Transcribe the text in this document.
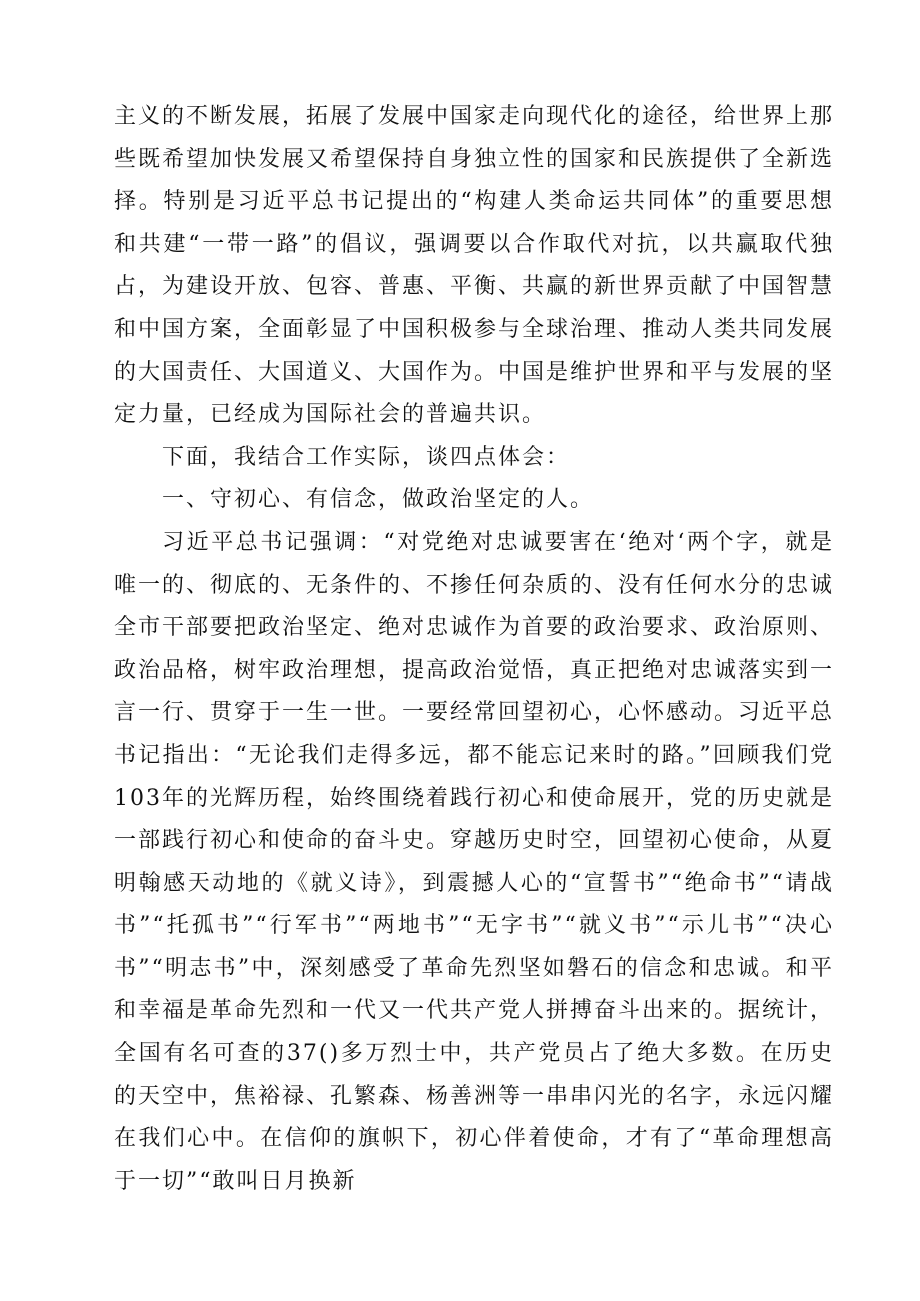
主义的不断发展，拓展了发展中国家走向现代化的途径，给世界上那些既希望加快发展又希望保持自身独立性的国家和民族提供了全新选择。特别是习近平总书记提出的“构建人类命运共同体”的重要思想和共建“一带一路”的倡议，强调要以合作取代对抗，以共赢取代独占，为建设开放、包容、普惠、平衡、共赢的新世界贡献了中国智慧和中国方案，全面彰显了中国积极参与全球治理、推动人类共同发展的大国责任、大国道义、大国作为。中国是维护世界和平与发展的坚定力量，已经成为国际社会的普遍共识。

下面，我结合工作实际，谈四点体会：

一、守初心、有信念，做政治坚定的人。

习近平总书记强调：“对党绝对忠诚要害在‘绝对‘两个字，就是唯一的、彻底的、无条件的、不掺任何杂质的、没有任何水分的忠诚全市干部要把政治坚定、绝对忠诚作为首要的政治要求、政治原则、政治品格，树牢政治理想，提高政治觉悟，真正把绝对忠诚落实到一言一行、贯穿于一生一世。一要经常回望初心，心怀感动。习近平总书记指出：“无论我们走得多远，都不能忘记来时的路。”回顾我们党103年的光辉历程，始终围绕着践行初心和使命展开，党的历史就是一部践行初心和使命的奋斗史。穿越历史时空，回望初心使命，从夏明翰感天动地的《就义诗》，到震撼人心的“宣誓书”“绝命书”“请战书”“托孤书”“行军书”“两地书”“无字书”“就义书”“示儿书”“决心书”“明志书”中，深刻感受了革命先烈坚如磐石的信念和忠诚。和平和幸福是革命先烈和一代又一代共产党人拼搏奋斗出来的。据统计，全国有名可查的37()多万烈士中，共产党员占了绝大多数。在历史的天空中，焦裕禄、孔繁森、杨善洲等一串串闪光的名字，永远闪耀在我们心中。在信仰的旗帜下，初心伴着使命，才有了“革命理想高于一切”“敢叫日月换新
